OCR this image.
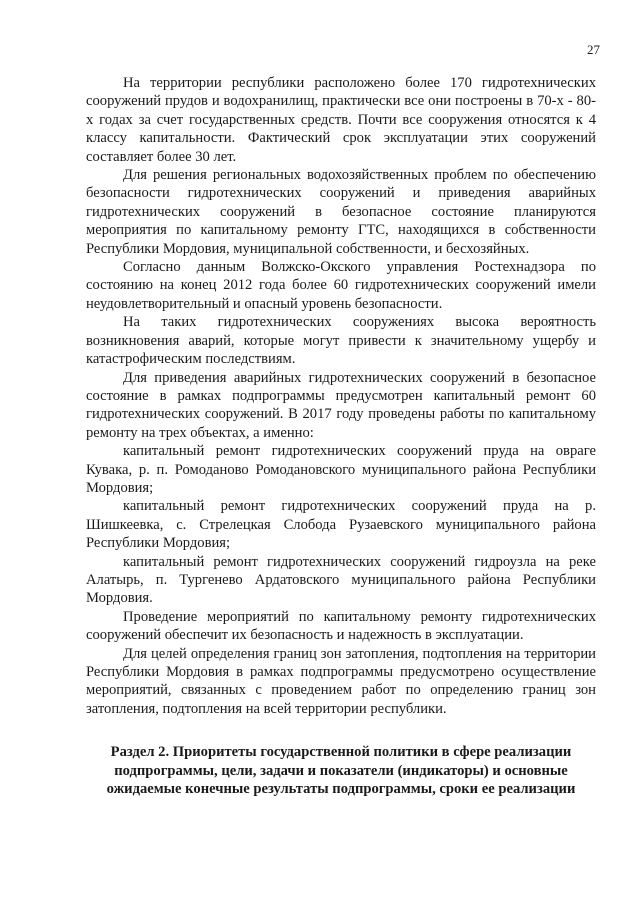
27

На территории республики расположено более 170 гидротехнических сооружений прудов и водохранилищ, практически все они построены в 70-х - 80-х годах за счет государственных средств. Почти все сооружения относятся к 4 классу капитальности. Фактический срок эксплуатации этих сооружений составляет более 30 лет.

Для решения региональных водохозяйственных проблем по обеспечению безопасности гидротехнических сооружений и приведения аварийных гидротехнических сооружений в безопасное состояние планируются мероприятия по капитальному ремонту ГТС, находящихся в собственности Республики Мордовия, муниципальной собственности, и бесхозяйных.

Согласно данным Волжско-Окского управления Ростехнадзора по состоянию на конец 2012 года более 60 гидротехнических сооружений имели неудовлетворительный и опасный уровень безопасности.

На таких гидротехнических сооружениях высока вероятность возникновения аварий, которые могут привести к значительному ущербу и катастрофическим последствиям.

Для приведения аварийных гидротехнических сооружений в безопасное состояние в рамках подпрограммы предусмотрен капитальный ремонт 60 гидротехнических сооружений. В 2017 году проведены работы по капитальному ремонту на трех объектах, а именно:

капитальный ремонт гидротехнических сооружений пруда на овраге Кувака, р. п. Ромоданово Ромодановского муниципального района Республики Мордовия;

капитальный ремонт гидротехнических сооружений пруда на р. Шишкеевка, с. Стрелецкая Слобода Рузаевского муниципального района Республики Мордовия;

капитальный ремонт гидротехнических сооружений гидроузла на реке Алатырь, п. Тургенево Ардатовского муниципального района Республики Мордовия.

Проведение мероприятий по капитальному ремонту гидротехнических сооружений обеспечит их безопасность и надежность в эксплуатации.

Для целей определения границ зон затопления, подтопления на территории Республики Мордовия в рамках подпрограммы предусмотрено осуществление мероприятий, связанных с проведением работ по определению границ зон затопления, подтопления на всей территории республики.

Раздел 2. Приоритеты государственной политики в сфере реализации
подпрограммы, цели, задачи и показатели (индикаторы) и основные
ожидаемые конечные результаты подпрограммы, сроки ее реализации
